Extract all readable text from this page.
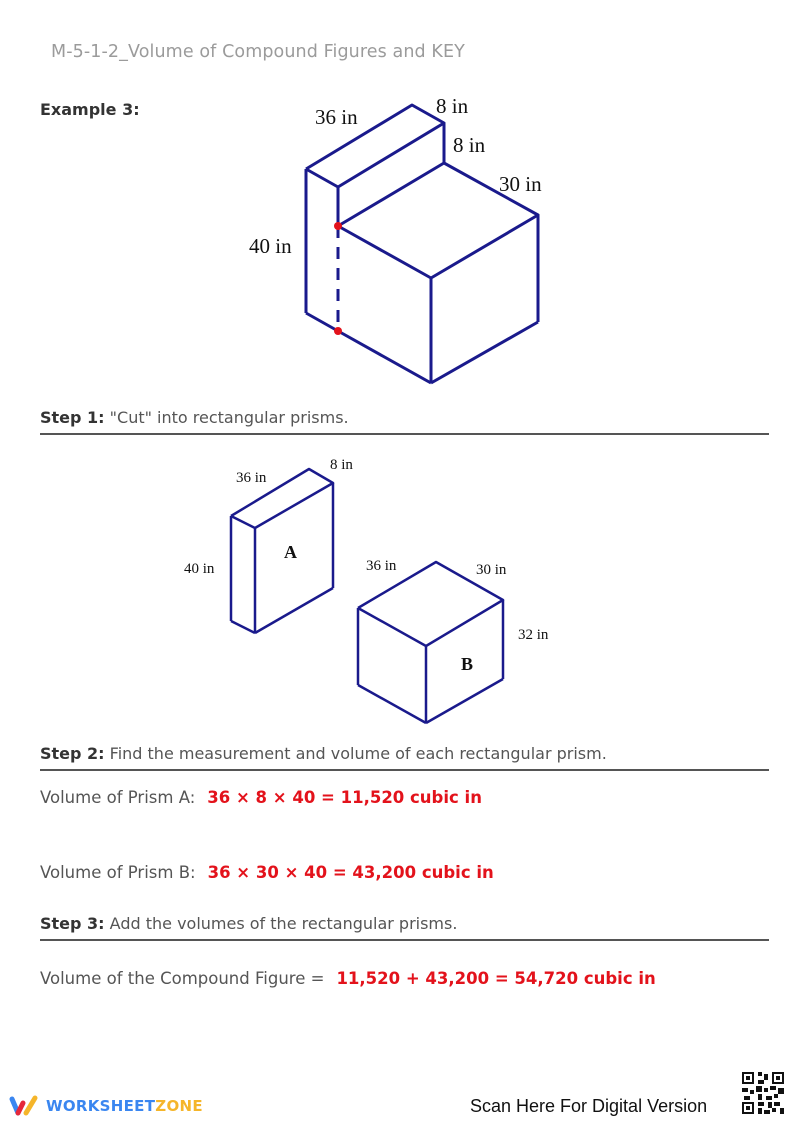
M-5-1-2_Volume of Compound Figures and KEY
Example 3:	36 in	8 in
8 in
30 in
40 in
Step 1: "Cut" into rectangular prisms.
36 in
8 in
40 in
A
36 in	30 in
32 in
B
Step 2: Find the measurement and volume of each rectangular prism.
Volume of Prism A: 36 × 8 × 40 = 11,520 cubic in
Volume of Prism B: 36 × 30 × 40 = 43,200 cubic in
Step 3: Add the volumes of the rectangular prisms.
Volume of the Compound Figure = 11,520 + 43,200 = 54,720 cubic in
WORKSHEETZONE	Scan Here For Digital Version
